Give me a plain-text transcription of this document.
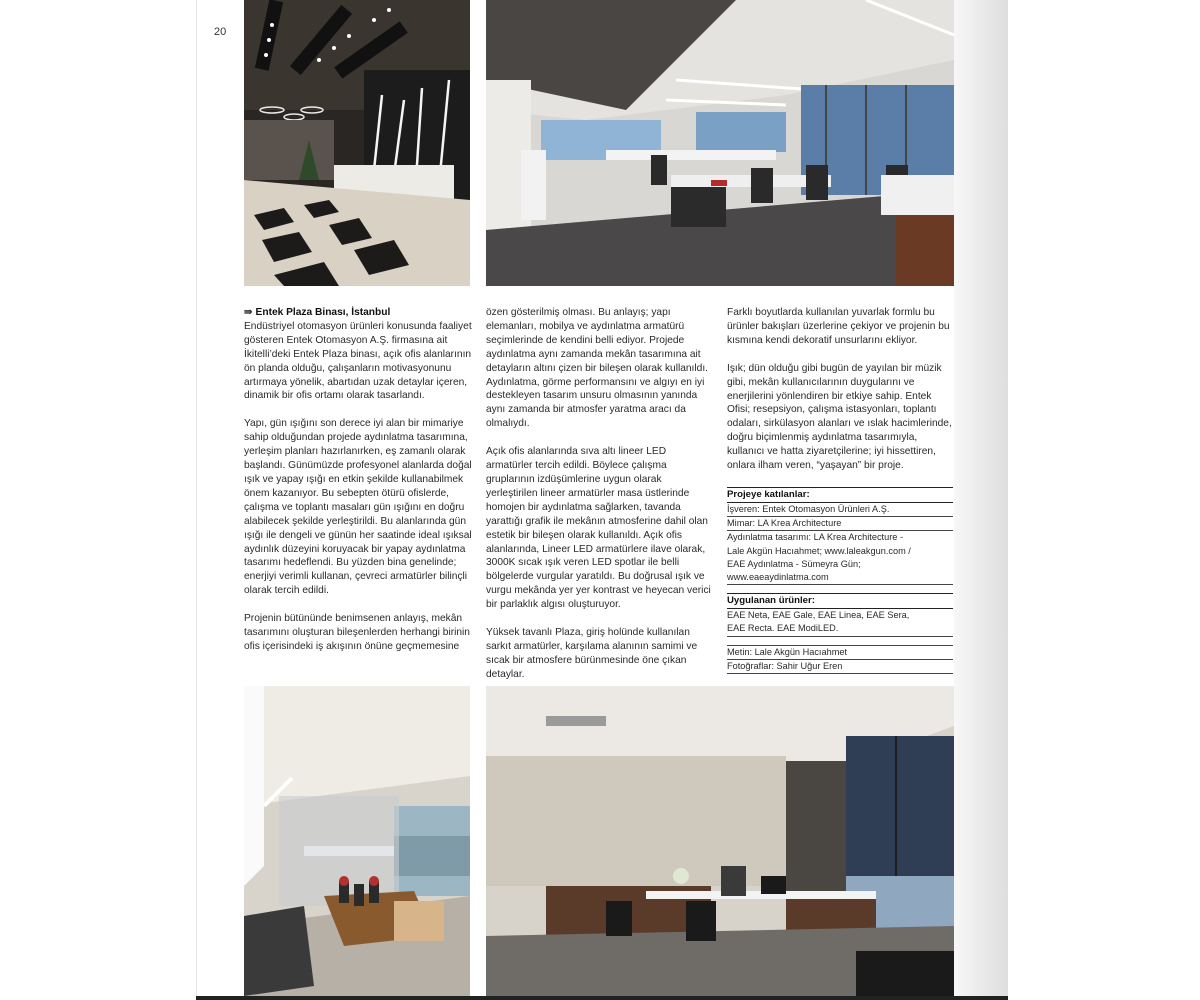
20
⇛ Entek Plaza Binası, İstanbul

Endüstriyel otomasyon ürünleri konusunda faaliyet gösteren Entek Otomasyon A.Ş. firmasına ait İkitelli’deki Entek Plaza binası, açık ofis alanlarının ön planda olduğu, çalışanların motivasyonunu artırmaya yönelik, abartıdan uzak detaylar içeren, dinamik bir ofis ortamı olarak tasarlandı.

Yapı, gün ışığını son derece iyi alan bir mimariye sahip olduğundan projede aydınlatma tasarımına, yerleşim planları hazırlanırken, eş zamanlı olarak başlandı. Günümüzde profesyonel alanlarda doğal ışık ve yapay ışığı en etkin şekilde kullanabilmek önem kazanıyor. Bu sebepten ötürü ofislerde, çalışma ve toplantı masaları gün ışığını en doğru alabilecek şekilde yerleştirildi. Bu alanlarında gün ışığı ile dengeli ve günün her saatinde ideal ışıksal aydınlık düzeyini koruyacak bir yapay aydınlatma tasarımı hedeflendi. Bu yüzden bina genelinde; enerjiyi verimli kullanan, çevreci armatürler bilinçli olarak tercih edildi.

Projenin bütününde benimsenen anlayış, mekân tasarımını oluşturan bileşenlerden herhangi birinin ofis içerisindeki iş akışının önüne geçmemesine

özen gösterilmiş olması. Bu anlayış; yapı elemanları, mobilya ve aydınlatma armatürü seçimlerinde de kendini belli ediyor. Projede aydınlatma aynı zamanda mekân tasarımına ait detayların altını çizen bir bileşen olarak kullanıldı. Aydınlatma, görme performansını ve algıyı en iyi destekleyen tasarım unsuru olmasının yanında aynı zamanda bir atmosfer yaratma aracı da olmalıydı.

Açık ofis alanlarında sıva altı lineer LED armatürler tercih edildi. Böylece çalışma gruplarının izdüşümlerine uygun olarak yerleştirilen lineer armatürler masa üstlerinde homojen bir aydınlatma sağlarken, tavanda yarattığı grafik ile mekânın atmosferine dahil olan estetik bir bileşen olarak kullanıldı. Açık ofis alanlarında, Lineer LED armatürlere ilave olarak, 3000K sıcak ışık veren LED spotlar ile belli bölgelerde vurgular yaratıldı. Bu doğrusal ışık ve vurgu mekânda yer yer kontrast ve heyecan verici bir parlaklık algısı oluşturuyor.

Yüksek tavanlı Plaza, giriş holünde kullanılan sarkıt armatürler, karşılama alanının samimi ve sıcak bir atmosfere bürünmesinde öne çıkan detaylar.

Farklı boyutlarda kullanılan yuvarlak formlu bu ürünler bakışları üzerlerine çekiyor ve projenin bu kısmına kendi dekoratif unsurlarını ekliyor.

Işık; dün olduğu gibi bugün de yayılan bir müzik gibi, mekân kullanıcılarının duygularını ve enerjilerini yönlendiren bir etkiye sahip. Entek Ofisi; resepsiyon, çalışma istasyonları, toplantı odaları, sirkülasyon alanları ve ıslak hacimlerinde, doğru biçimlenmiş aydınlatma tasarımıyla, kullanıcı ve hatta ziyaretçilerine; iyi hissettiren, onlara ilham veren, “yaşayan” bir proje.

Projeye katılanlar:
İşveren: Entek Otomasyon Ürünleri A.Ş.
Mimar: LA Krea Architecture
Aydınlatma tasarımı: LA Krea Architecture -
Lale Akgün Hacıahmet; www.laleakgun.com /
EAE Aydınlatma - Sümeyra Gün; www.eaeaydinlatma.com
Uygulanan ürünler:
EAE Neta, EAE Gale, EAE Linea, EAE Sera,
EAE Recta. EAE ModiLED.
Metin: Lale Akgün Hacıahmet
Fotoğraflar: Sahir Uğur Eren
